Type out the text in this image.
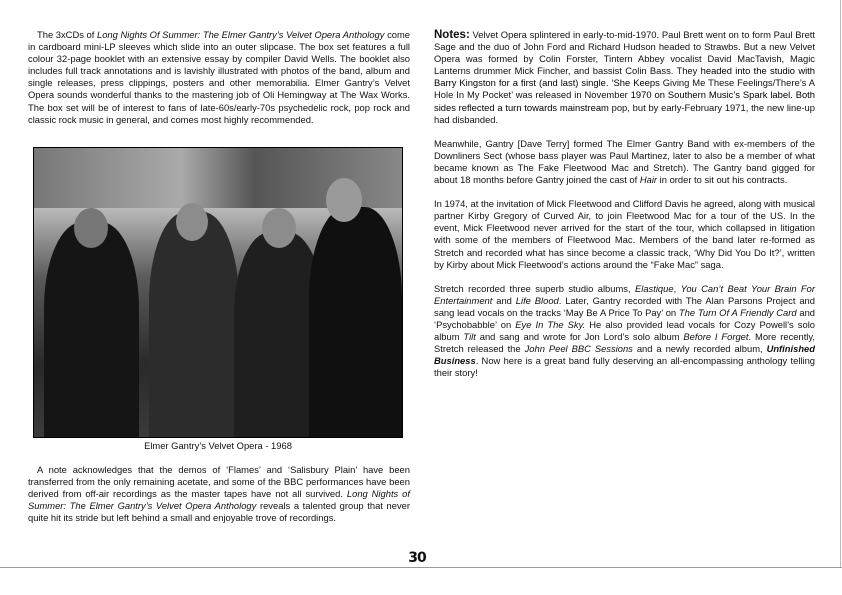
The 3xCDs of Long Nights Of Summer: The Elmer Gantry’s Velvet Opera Anthology come in cardboard mini-LP sleeves which slide into an outer slipcase. The box set features a full colour 32-page booklet with an extensive essay by compiler David Wells. The booklet also includes full track annotations and is lavishly illustrated with photos of the band, album and single releases, press clippings, posters and other memorabilia. Elmer Gantry’s Velvet Opera sounds wonderful thanks to the mastering job of Oli Hemingway at The Wax Works. The box set will be of interest to fans of late-60s/early-70s psychedelic rock, pop rock and classic rock music in general, and comes most highly recommended.

Elmer Gantry’s Velvet Opera - 1968

A note acknowledges that the demos of ‘Flames’ and ‘Salisbury Plain’ have been transferred from the only remaining acetate, and some of the BBC performances have been derived from off-air recordings as the master tapes have not all survived. Long Nights of Summer: The Elmer Gantry’s Velvet Opera Anthology reveals a talented group that never quite hit its stride but left behind a small and enjoyable trove of recordings.

Notes: Velvet Opera splintered in early-to-mid-1970. Paul Brett went on to form Paul Brett Sage and the duo of John Ford and Richard Hudson headed to Strawbs. But a new Velvet Opera was formed by Colin Forster, Tintern Abbey vocalist David MacTavish, Magic Lanterns drummer Mick Fincher, and bassist Colin Bass. They headed into the studio with Barry Kingston for a first (and last) single. ‘She Keeps Giving Me These Feelings/There’s A Hole In My Pocket’ was released in November 1970 on Southern Music’s Spark label. Both sides reflected a turn towards mainstream pop, but by early-February 1971, the new line-up had disbanded.

Meanwhile, Gantry [Dave Terry] formed The Elmer Gantry Band with ex-members of the Downliners Sect (whose bass player was Paul Martinez, later to also be a member of what became known as The Fake Fleetwood Mac and Stretch). The Gantry band gigged for about 18 months before Gantry joined the cast of Hair in order to sit out his contracts.

In 1974, at the invitation of Mick Fleetwood and Clifford Davis he agreed, along with musical partner Kirby Gregory of Curved Air, to join Fleetwood Mac for a tour of the US. In the event, Mick Fleetwood never arrived for the start of the tour, which collapsed in litigation with some of the members of Fleetwood Mac. Members of the band later re-formed as Stretch and recorded what has since become a classic track, ‘Why Did You Do It?’, written by Kirby about Mick Fleetwood’s actions around the “Fake Mac” saga.

Stretch recorded three superb studio albums, Elastique, You Can’t Beat Your Brain For Entertainment and Life Blood. Later, Gantry recorded with The Alan Parsons Project and sang lead vocals on the tracks ‘May Be A Price To Pay’ on The Turn Of A Friendly Card and ‘Psychobabble’ on Eye In The Sky. He also provided lead vocals for Cozy Powell’s solo album Tilt and sang and wrote for Jon Lord’s solo album Before I Forget. More recently, Stretch released the John Peel BBC Sessions and a newly recorded album, Unfinished Business. Now here is a great band fully deserving an all-encompassing anthology telling their story!

30
